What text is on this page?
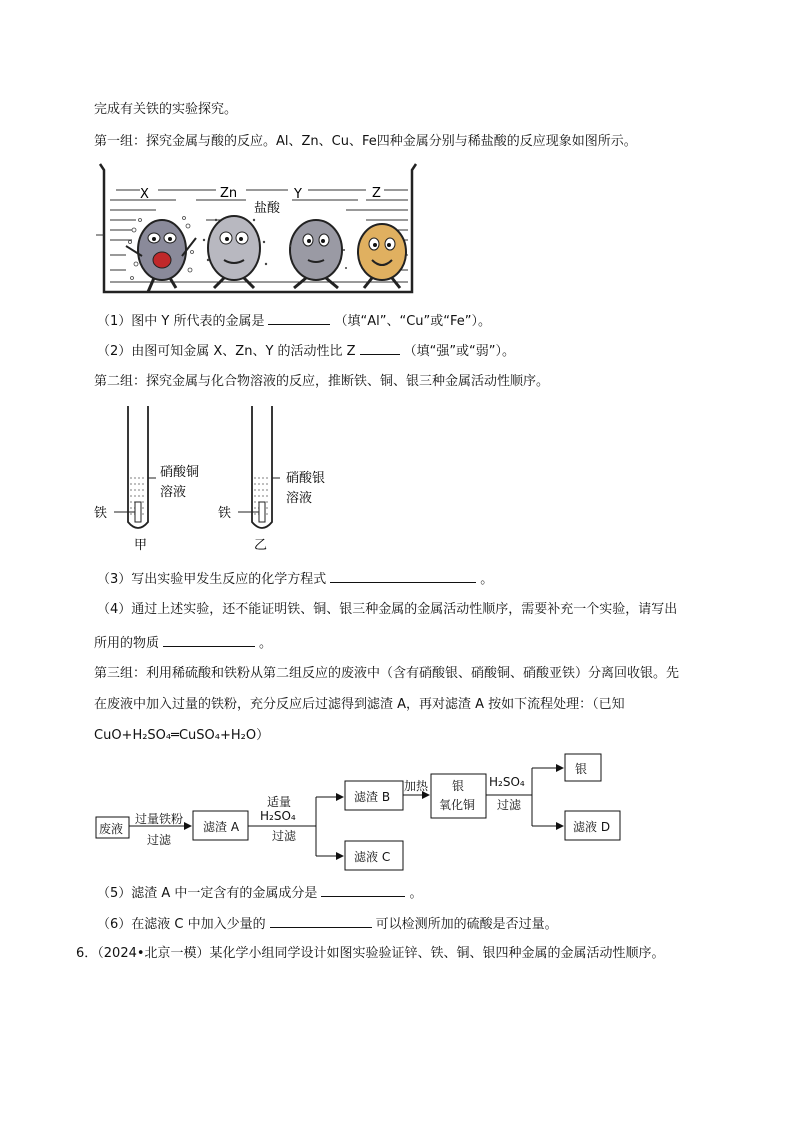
完成有关铁的实验探究。
第一组：探究金属与酸的反应。Al、Zn、Cu、Fe四种金属分别与稀盐酸的反应现象如图所示。
X	Zn	Y	Z
盐酸
（1）图中 Y 所代表的金属是	（填“Al”、“Cu”或“Fe”）。
（2）由图可知金属 X、Zn、Y 的活动性比 Z	（填“强”或“弱”）。
第二组：探究金属与化合物溶液的反应，推断铁、铜、银三种金属活动性顺序。
硝酸铜
溶液
铁
甲
硝酸银
溶液
铁
乙
（3）写出实验甲发生反应的化学方程式	。
（4）通过上述实验，还不能证明铁、铜、银三种金属的金属活动性顺序，需要补充一个实验，请写出
所用的物质	。
第三组：利用稀硫酸和铁粉从第二组反应的废液中（含有硝酸银、硝酸铜、硝酸亚铁）分离回收银。先
在废液中加入过量的铁粉，充分反应后过滤得到滤渣 A，再对滤渣 A 按如下流程处理：（已知
CuO+H₂SO₄═CuSO₄+H₂O）
废液
过量铁粉
过滤
滤渣 A
适量
H₂SO₄
过滤
滤渣 B
滤液 C
加热 银
氧化铜
H₂SO₄
过滤
银
滤液 D
（5）滤渣 A 中一定含有的金属成分是	。
（6）在滤液 C 中加入少量的	可以检测所加的硫酸是否过量。
6．（2024•北京一模）某化学小组同学设计如图实验验证锌、铁、铜、银四种金属的金属活动性顺序。
